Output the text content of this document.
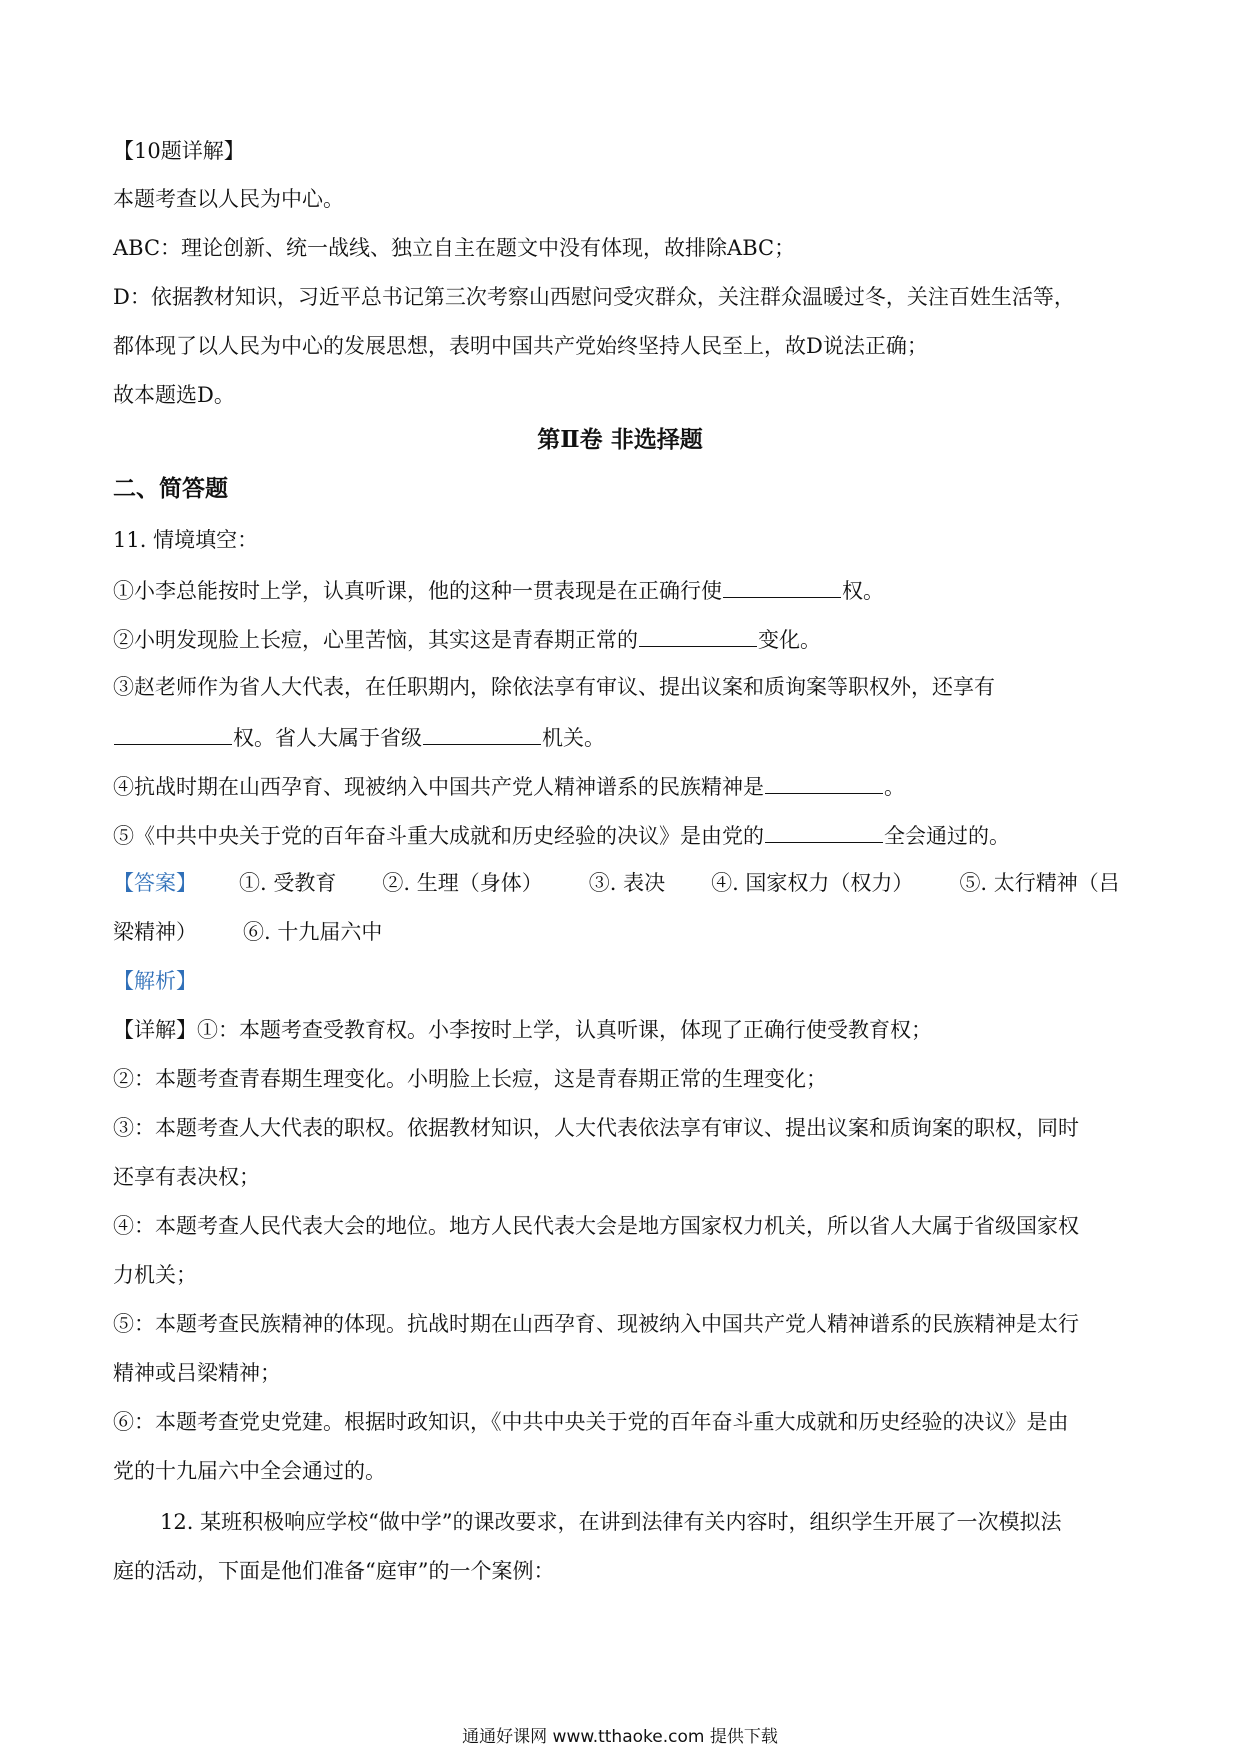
【10题详解】
本题考查以人民为中心。
ABC：理论创新、统一战线、独立自主在题文中没有体现，故排除ABC；
D：依据教材知识，习近平总书记第三次考察山西慰问受灾群众，关注群众温暖过冬，关注百姓生活等，
都体现了以人民为中心的发展思想，表明中国共产党始终坚持人民至上，故D说法正确；
故本题选D。
第Ⅱ卷 非选择题
二、简答题
11. 情境填空：
①小李总能按时上学，认真听课，他的这种一贯表现是在正确行使	权。
②小明发现脸上长痘，心里苦恼，其实这是青春期正常的	变化。
③赵老师作为省人大代表，在任职期内，除依法享有审议、提出议案和质询案等职权外，还享有
权。省人大属于省级	机关。
④抗战时期在山西孕育、现被纳入中国共产党人精神谱系的民族精神是	。
⑤《中共中央关于党的百年奋斗重大成就和历史经验的决议》是由党的	全会通过的。
【答案】 ①. 受教育 ②. 生理（身体） ③. 表决 ④. 国家权力（权力） ⑤. 太行精神（吕
梁精神） ⑥. 十九届六中
【解析】
【详解】①：本题考查受教育权。小李按时上学，认真听课，体现了正确行使受教育权；
②：本题考查青春期生理变化。小明脸上长痘，这是青春期正常的生理变化；
③：本题考查人大代表的职权。依据教材知识，人大代表依法享有审议、提出议案和质询案的职权，同时
还享有表决权；
④：本题考查人民代表大会的地位。地方人民代表大会是地方国家权力机关，所以省人大属于省级国家权
力机关；
⑤：本题考查民族精神的体现。抗战时期在山西孕育、现被纳入中国共产党人精神谱系的民族精神是太行
精神或吕梁精神；
⑥：本题考查党史党建。根据时政知识，《中共中央关于党的百年奋斗重大成就和历史经验的决议》是由
党的十九届六中全会通过的。
12. 某班积极响应学校“做中学”的课改要求，在讲到法律有关内容时，组织学生开展了一次模拟法
庭的活动，下面是他们准备“庭审”的一个案例：
通通好课网 www.tthaoke.com 提供下载
